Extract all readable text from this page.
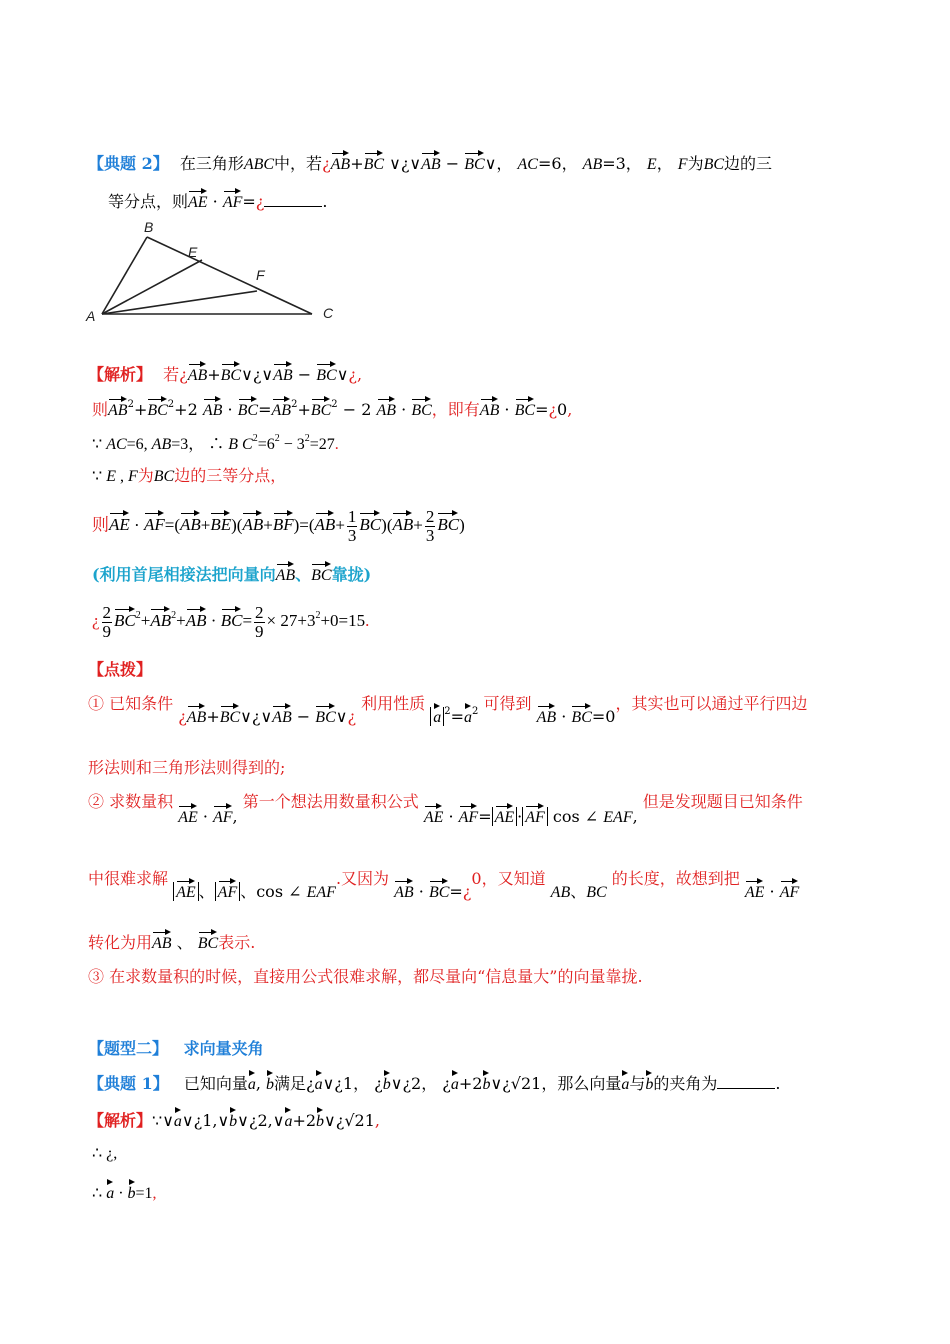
【典题 2】 在三角形ABC中，若¿AB+BC ∨¿∨AB − BC∨， AC=6， AB=3， E， F为BC边的三
等分点，则AE · AF=¿	.
B
E
F
A	C
【解析】 若¿AB+BC∨¿∨AB − BC∨¿,
则$AB^2+BC^2+2$ AB · $BC=AB^2+BC^2 - 2$ AB · BC，即有AB · BC=¿0,
∵ AC=6, AB=3， ∴ B $C^2=6^2 - 3^2=27$.
∵ E , F为BC边的三等分点，
则AE · $AF=(AB+BE)(AB+BF)=(AB+ \frac{1}{3} BC)(AB+ \frac{2}{3} BC)$
(利用首尾相接法把向量向AB、BC靠拢)
¿ $\frac{2}{9} BC^2+AB^2+AB \cdot BC= \frac{2}{9} \times 27+3^2+0=15$.
【点拨】
① 已知条件 ¿AB+BC∨¿∨AB − BC∨¿ 利用性质 a $^2=a^2$ 可得到 AB · BC=0，其实也可以通过平行四边
形法则和三角形法则得到的;
② 求数量积 AE · AF, 第一个想法用数量积公式 AE · AF= AE · AF cos ∠ EAF, 但是发现题目已知条件
中很难求解 AE 、 AF 、cos ∠ EAF.又因为 AB · BC=¿0，又知道 AB、BC 的长度，故想到把 AE · AF
转化为用AB 、 BC表示.
③ 在求数量积的时候，直接用公式很难求解，都尽量向“信息量大”的向量靠拢.
【题型二】 求向量夹角
【典题 1】 已知向量a, b满足¿a∨¿1， ¿b∨¿2， ¿a+2b∨¿√21，那么向量a与b的夹角为	.
【解析】∵∨a∨¿1,∨b∨¿2,∨a+2b∨¿√21,
∴ ¿,
∴ a · b=1,
